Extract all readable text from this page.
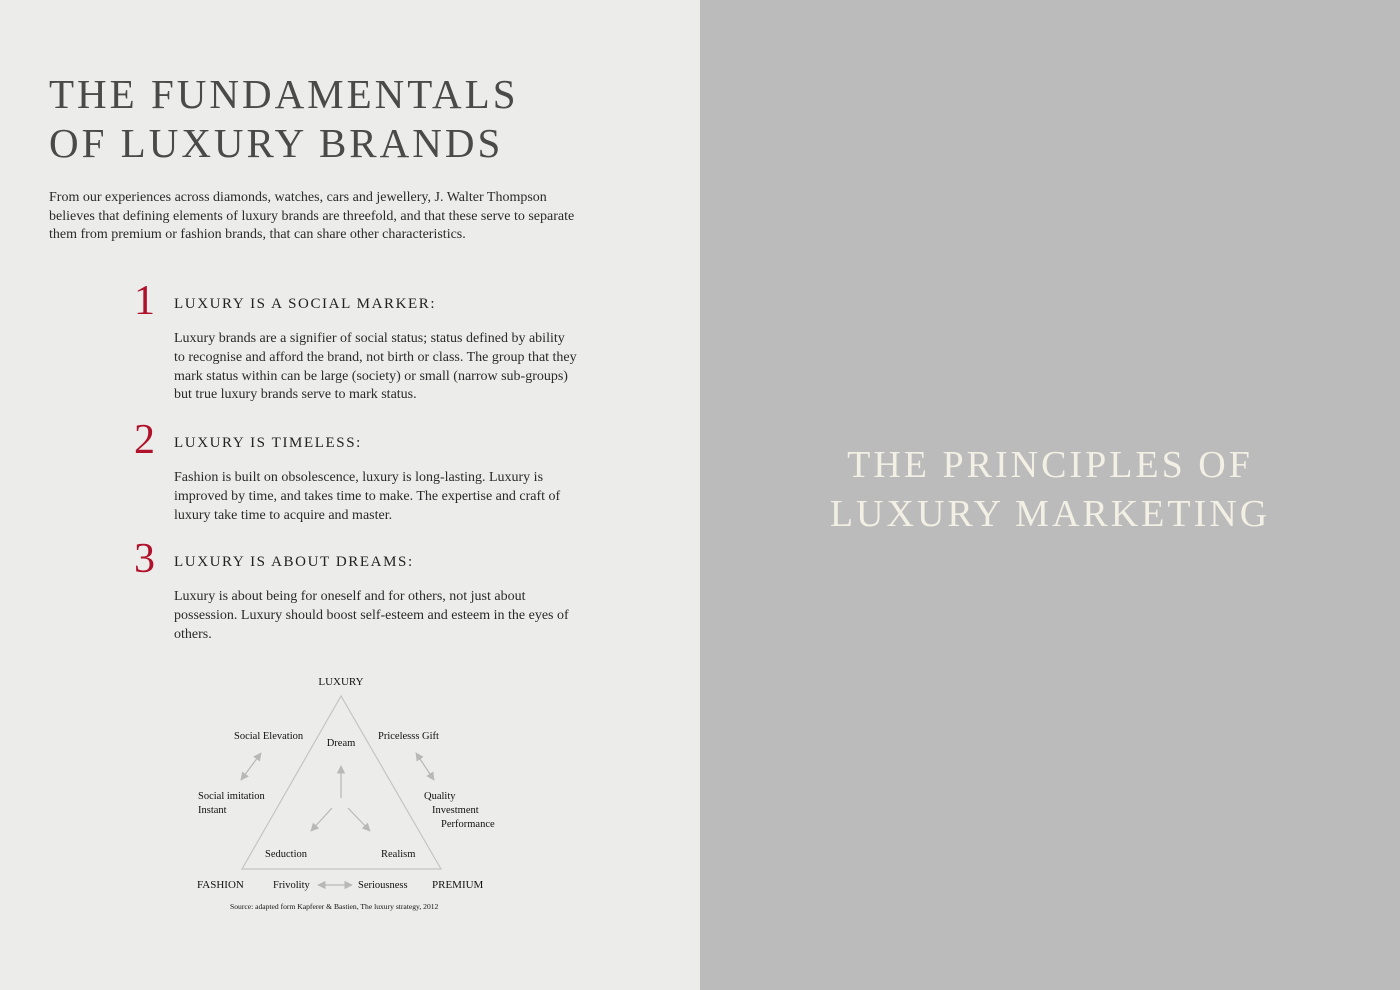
THE FUNDAMENTALS
OF LUXURY BRANDS

From our experiences across diamonds, watches, cars and jewellery, J. Walter Thompson believes that defining elements of luxury brands are threefold, and that these serve to separate them from premium or fashion brands, that can share other characteristics.

1 LUXURY IS A SOCIAL MARKER:

Luxury brands are a signifier of social status; status defined by ability to recognise and afford the brand, not birth or class. The group that they mark status within can be large (society) or small (narrow sub-groups) but true luxury brands serve to mark status.

2 LUXURY IS TIMELESS:

Fashion is built on obsolescence, luxury is long-lasting. Luxury is improved by time, and takes time to make. The expertise and craft of luxury take time to acquire and master.

3 LUXURY IS ABOUT DREAMS:

Luxury is about being for oneself and for others, not just about possession. Luxury should boost self-esteem and esteem in the eyes of others.

LUXURY
Social Elevation
Dream
Pricelesss Gift
Social imitation
Instant
Quality
Investment
Performance
Seduction	Realism
FASHION	Frivolity	Seriousness PREMIUM
Source: adapted form Kapferer & Bastien, The luxury strategy, 2012
THE PRINCIPLES OF
LUXURY MARKETING
